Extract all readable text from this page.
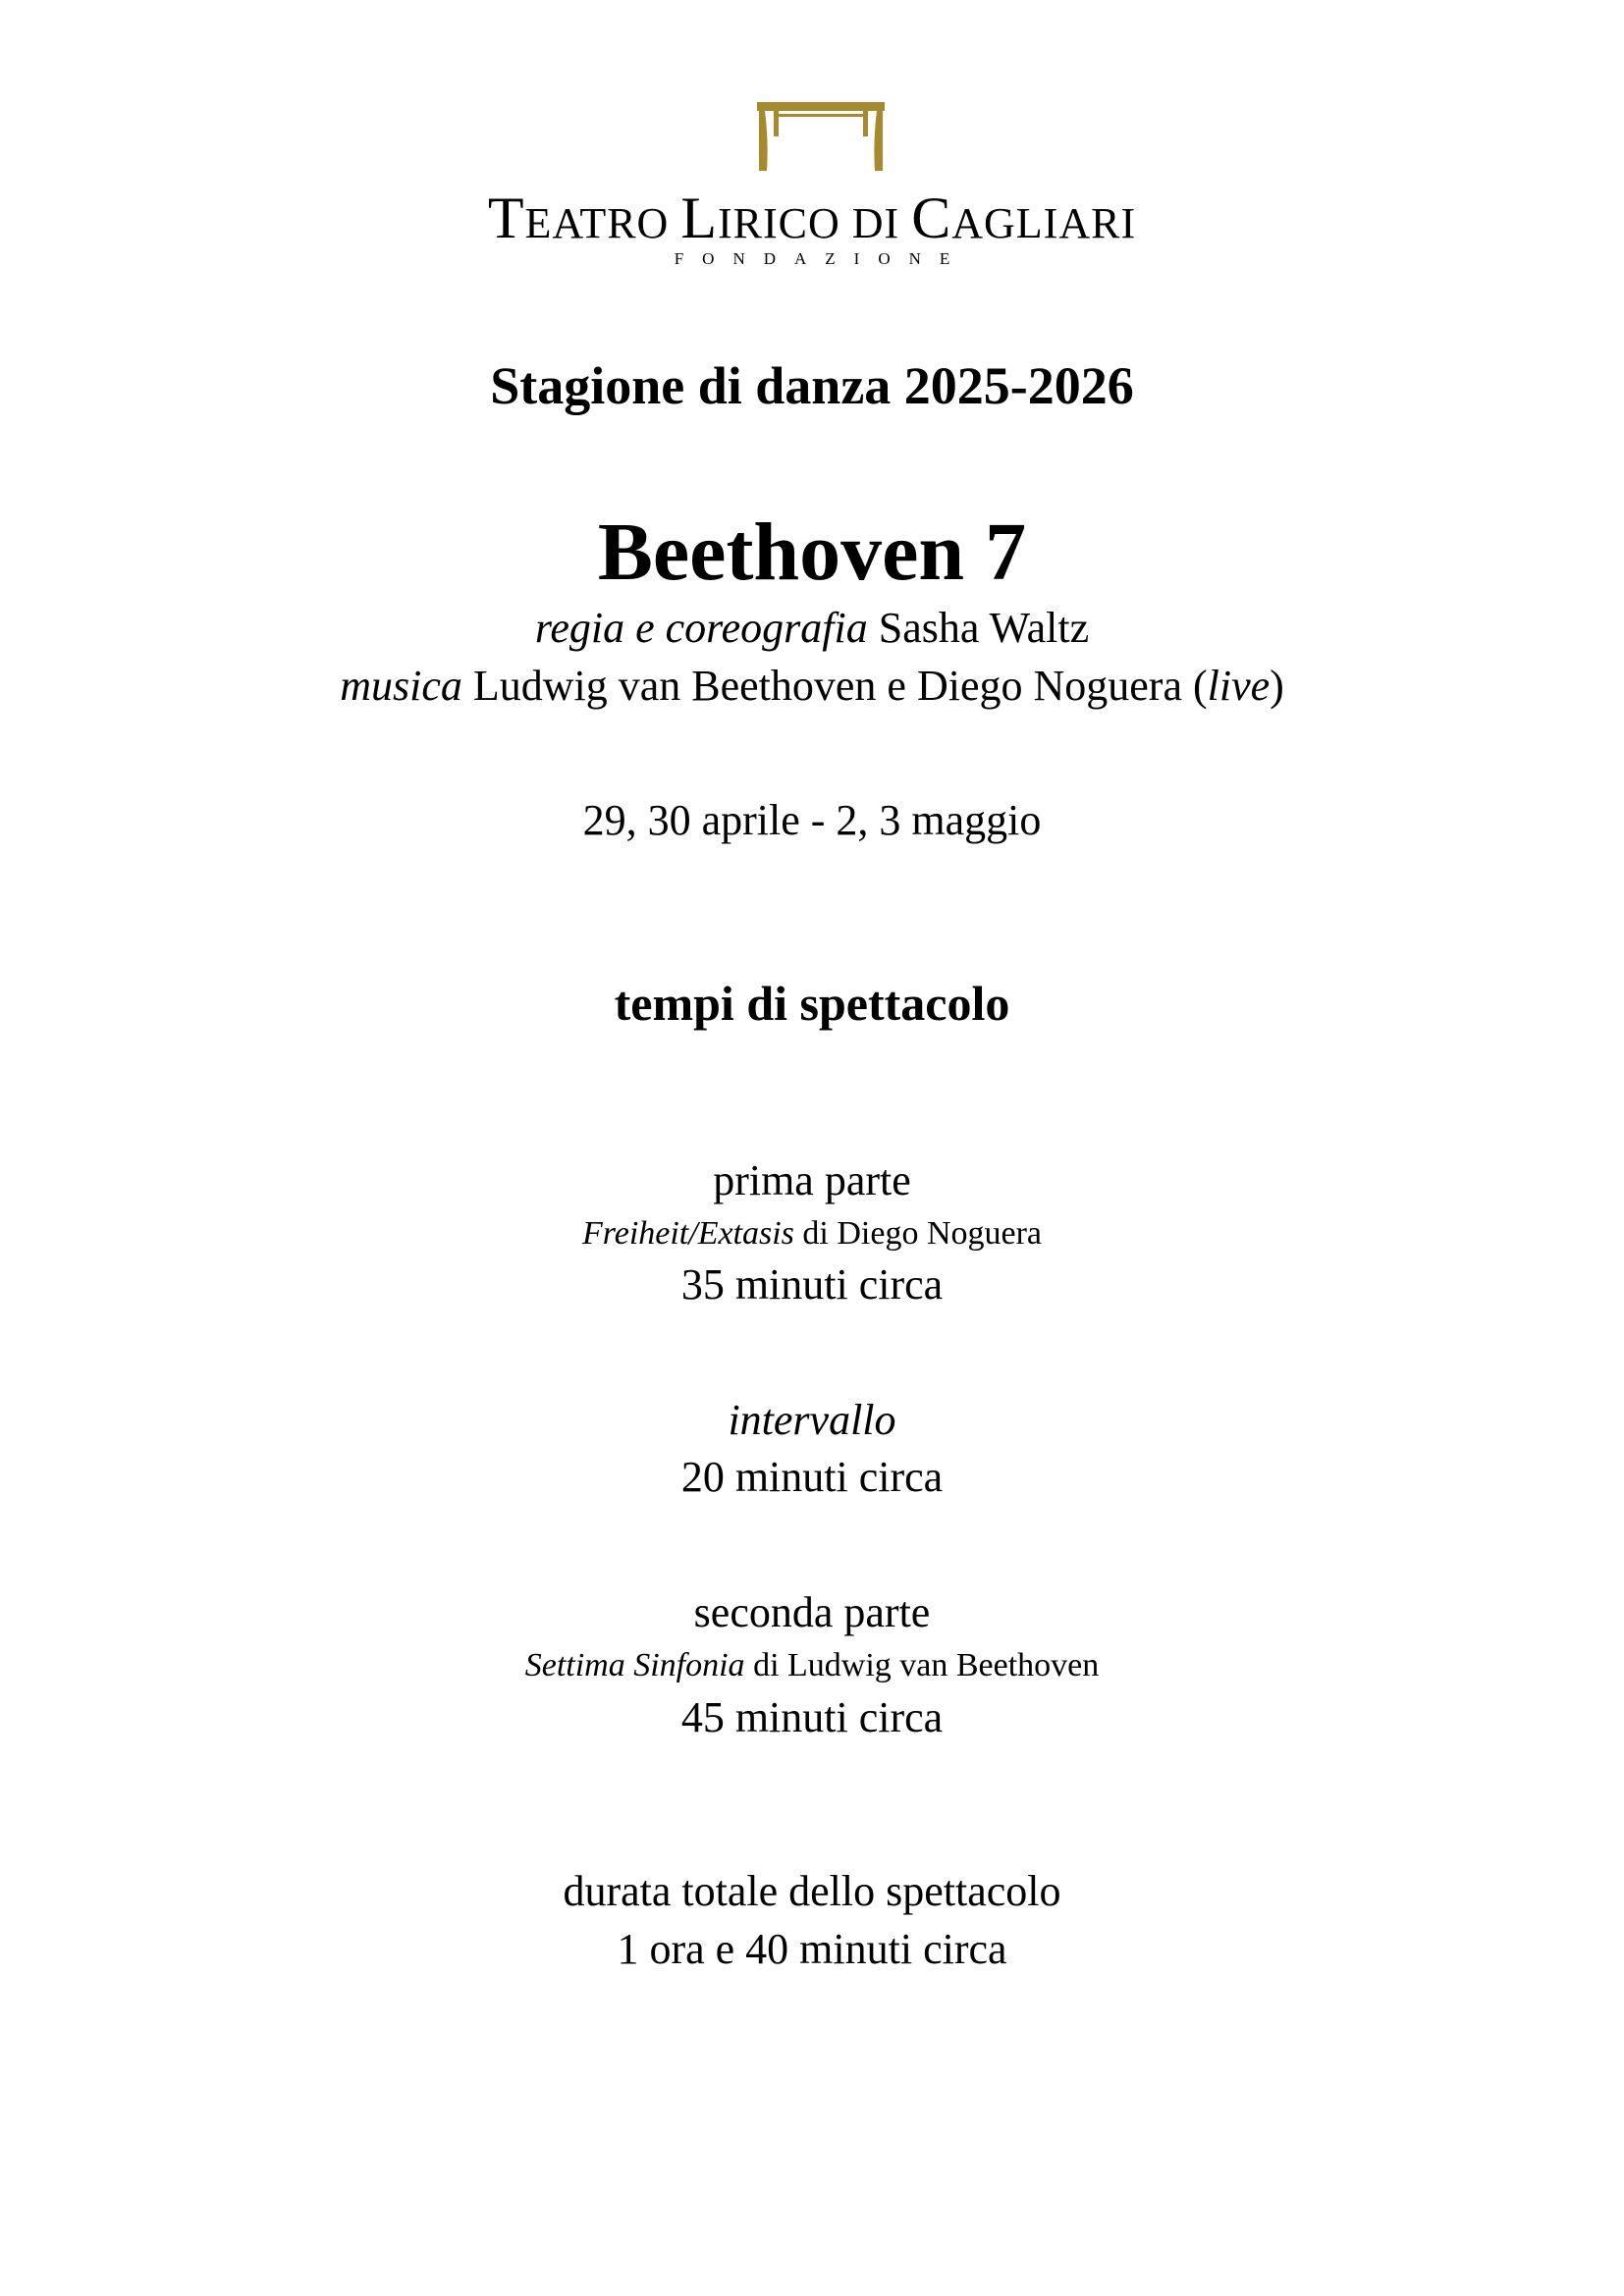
TEATRO LIRICO DI CAGLIARI
FONDAZIONE
Stagione di danza 2025-2026
Beethoven 7
regia e coreografia Sasha Waltz
musica Ludwig van Beethoven e Diego Noguera (live)
29, 30 aprile - 2, 3 maggio
tempi di spettacolo
prima parte
Freiheit/Extasis di Diego Noguera
35 minuti circa
intervallo
20 minuti circa
seconda parte
Settima Sinfonia di Ludwig van Beethoven
45 minuti circa
durata totale dello spettacolo
1 ora e 40 minuti circa
